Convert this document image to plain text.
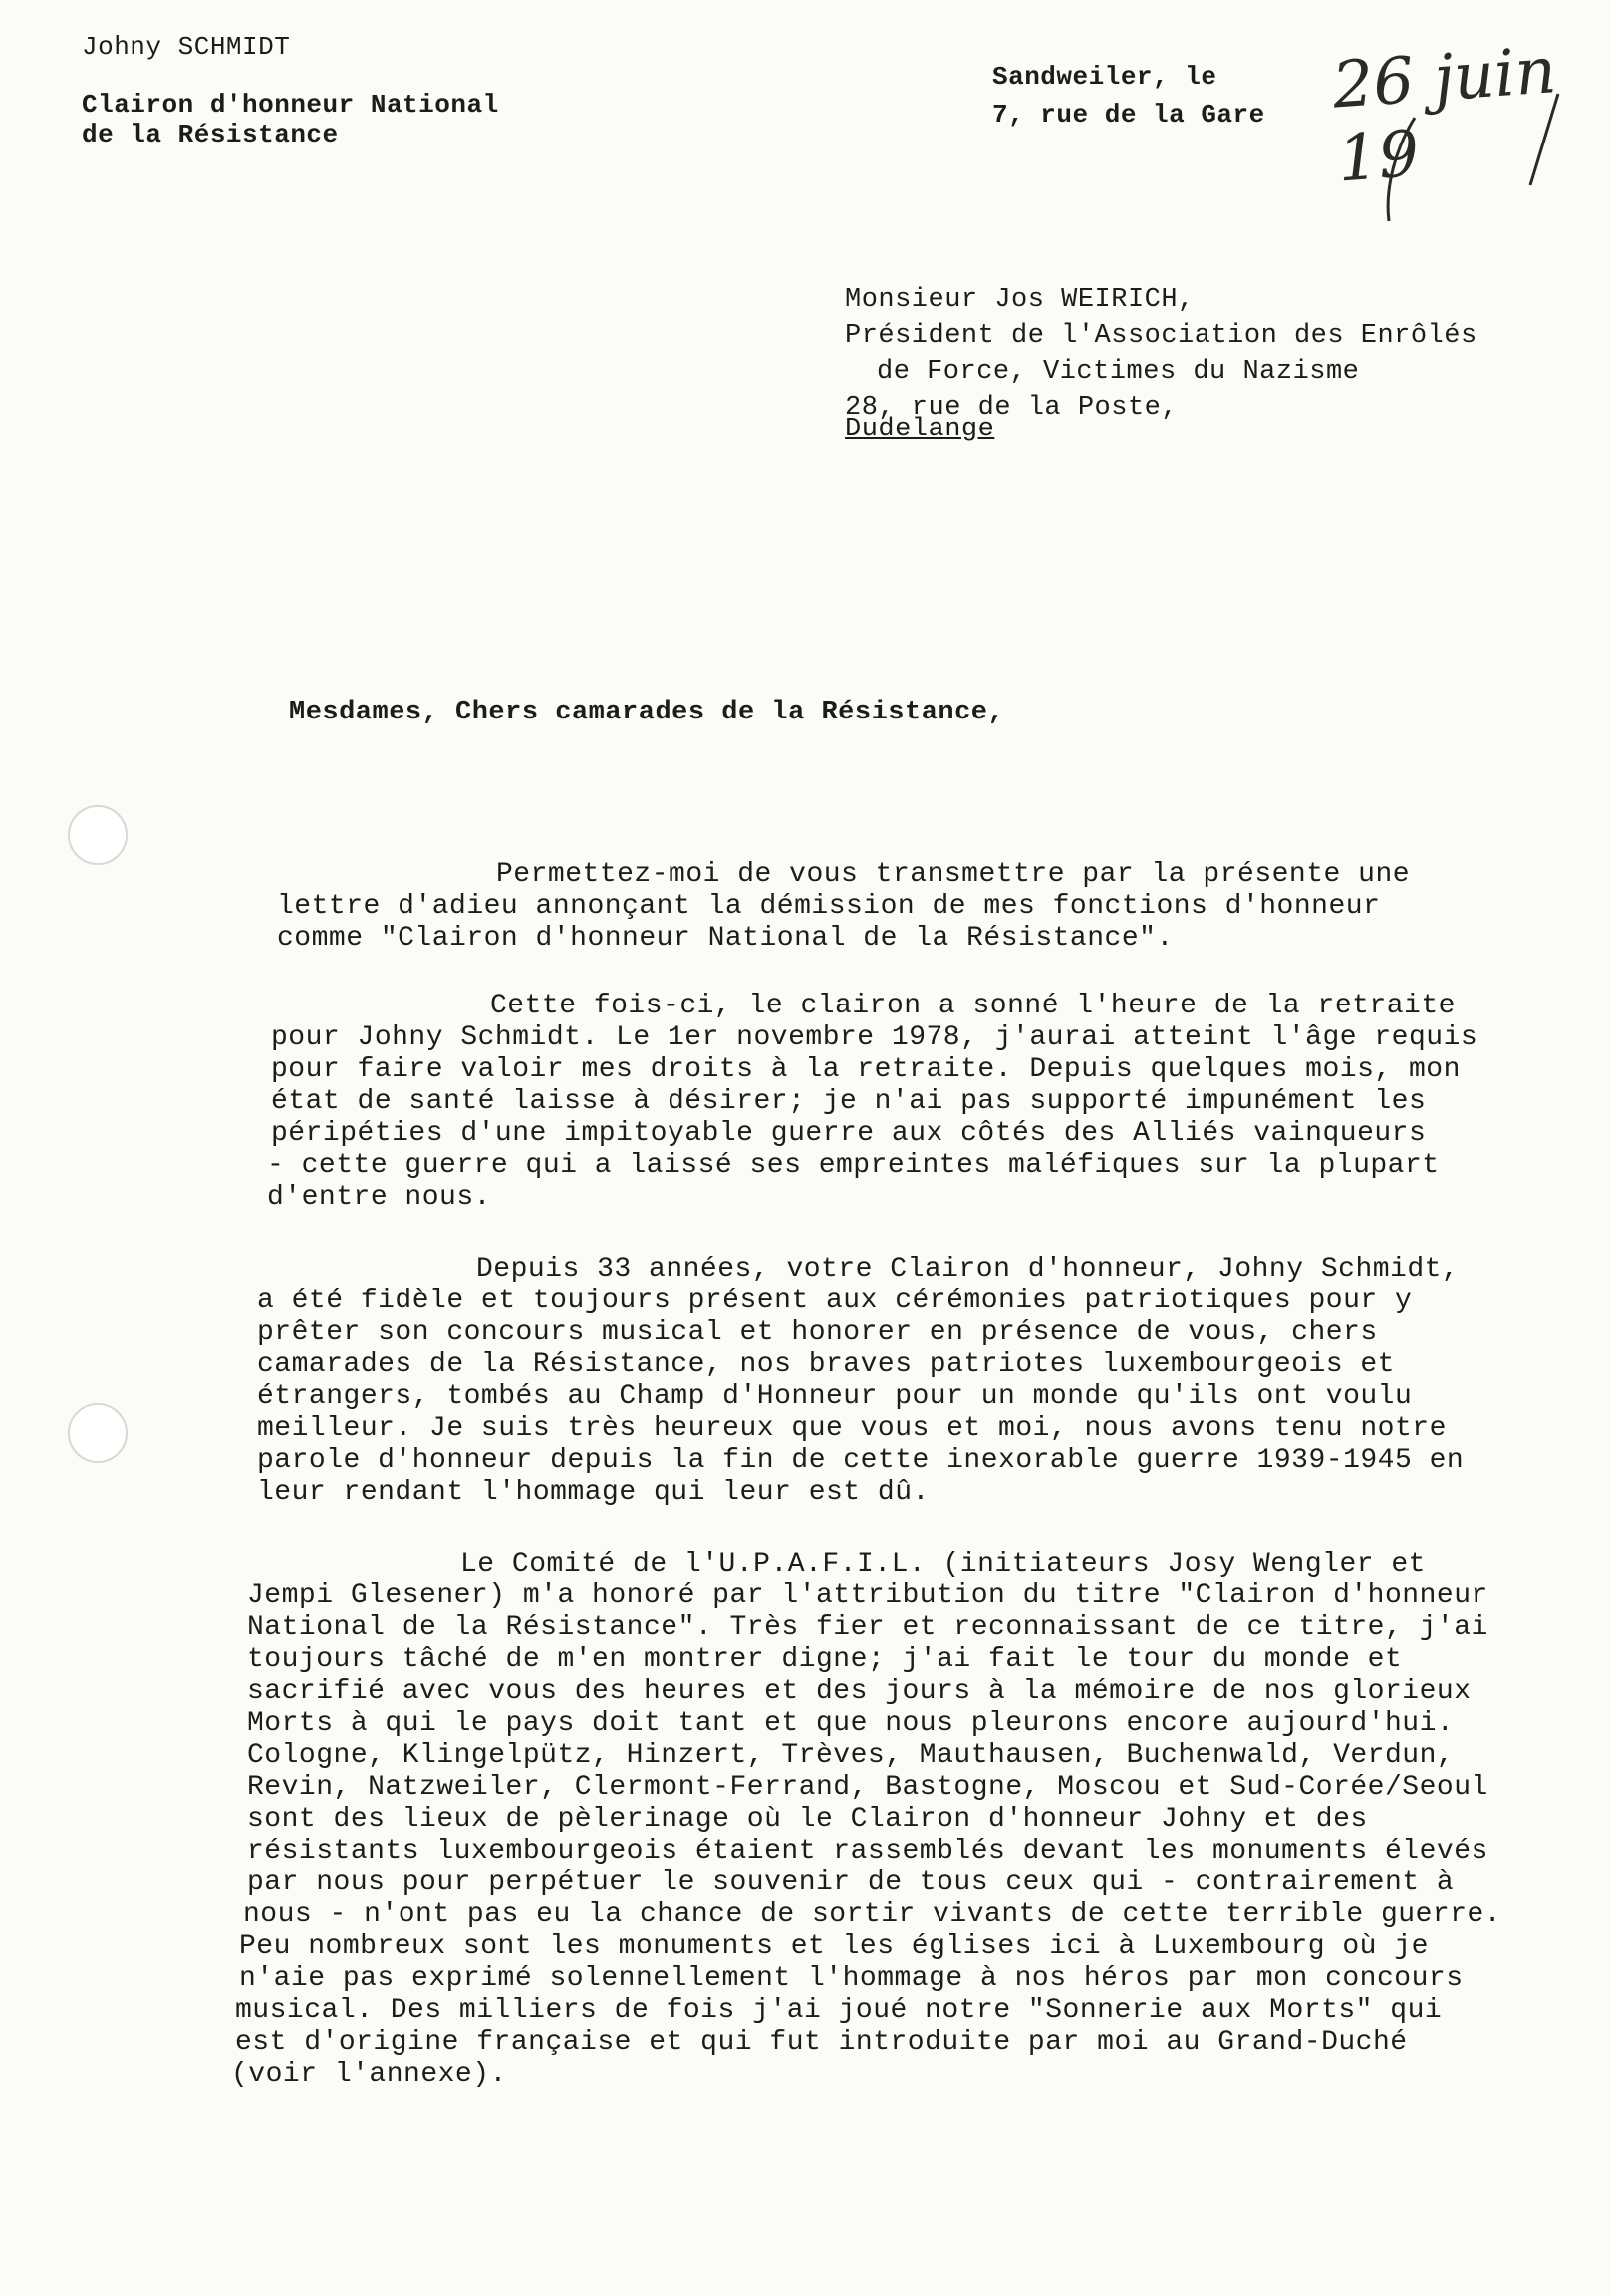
Johny SCHMIDT
Clairon d'honneur National
de la Résistance
Sandweiler, le
7, rue de la Gare 26 juin 19
Monsieur Jos WEIRICH,
Président de l'Association des Enrôlés
de Force, Victimes du Nazisme
28, rue de la Poste,
Dudelange
Mesdames, Chers camarades de la Résistance,
Permettez-moi de vous transmettre par la présente une
lettre d'adieu annonçant la démission de mes fonctions d'honneur
comme "Clairon d'honneur National de la Résistance".
Cette fois-ci, le clairon a sonné l'heure de la retraite
pour Johny Schmidt. Le 1er novembre 1978, j'aurai atteint l'âge requis
pour faire valoir mes droits à la retraite. Depuis quelques mois, mon
état de santé laisse à désirer; je n'ai pas supporté impunément les
péripéties d'une impitoyable guerre aux côtés des Alliés vainqueurs
- cette guerre qui a laissé ses empreintes maléfiques sur la plupart
d'entre nous.
Depuis 33 années, votre Clairon d'honneur, Johny Schmidt,
a été fidèle et toujours présent aux cérémonies patriotiques pour y
prêter son concours musical et honorer en présence de vous, chers
camarades de la Résistance, nos braves patriotes luxembourgeois et
étrangers, tombés au Champ d'Honneur pour un monde qu'ils ont voulu
meilleur. Je suis très heureux que vous et moi, nous avons tenu notre
parole d'honneur depuis la fin de cette inexorable guerre 1939-1945 en
leur rendant l'hommage qui leur est dû.
Le Comité de l'U.P.A.F.I.L. (initiateurs Josy Wengler et
Jempi Glesener) m'a honoré par l'attribution du titre "Clairon d'honneur
National de la Résistance". Très fier et reconnaissant de ce titre, j'ai
toujours tâché de m'en montrer digne; j'ai fait le tour du monde et
sacrifié avec vous des heures et des jours à la mémoire de nos glorieux
Morts à qui le pays doit tant et que nous pleurons encore aujourd'hui.
Cologne, Klingelpütz, Hinzert, Trèves, Mauthausen, Buchenwald, Verdun,
Revin, Natzweiler, Clermont-Ferrand, Bastogne, Moscou et Sud-Corée/Seoul
sont des lieux de pèlerinage où le Clairon d'honneur Johny et des
résistants luxembourgeois étaient rassemblés devant les monuments élevés
par nous pour perpétuer le souvenir de tous ceux qui - contrairement à
nous - n'ont pas eu la chance de sortir vivants de cette terrible guerre.
Peu nombreux sont les monuments et les églises ici à Luxembourg où je
n'aie pas exprimé solennellement l'hommage à nos héros par mon concours
musical. Des milliers de fois j'ai joué notre "Sonnerie aux Morts" qui
est d'origine française et qui fut introduite par moi au Grand-Duché
(voir l'annexe).
